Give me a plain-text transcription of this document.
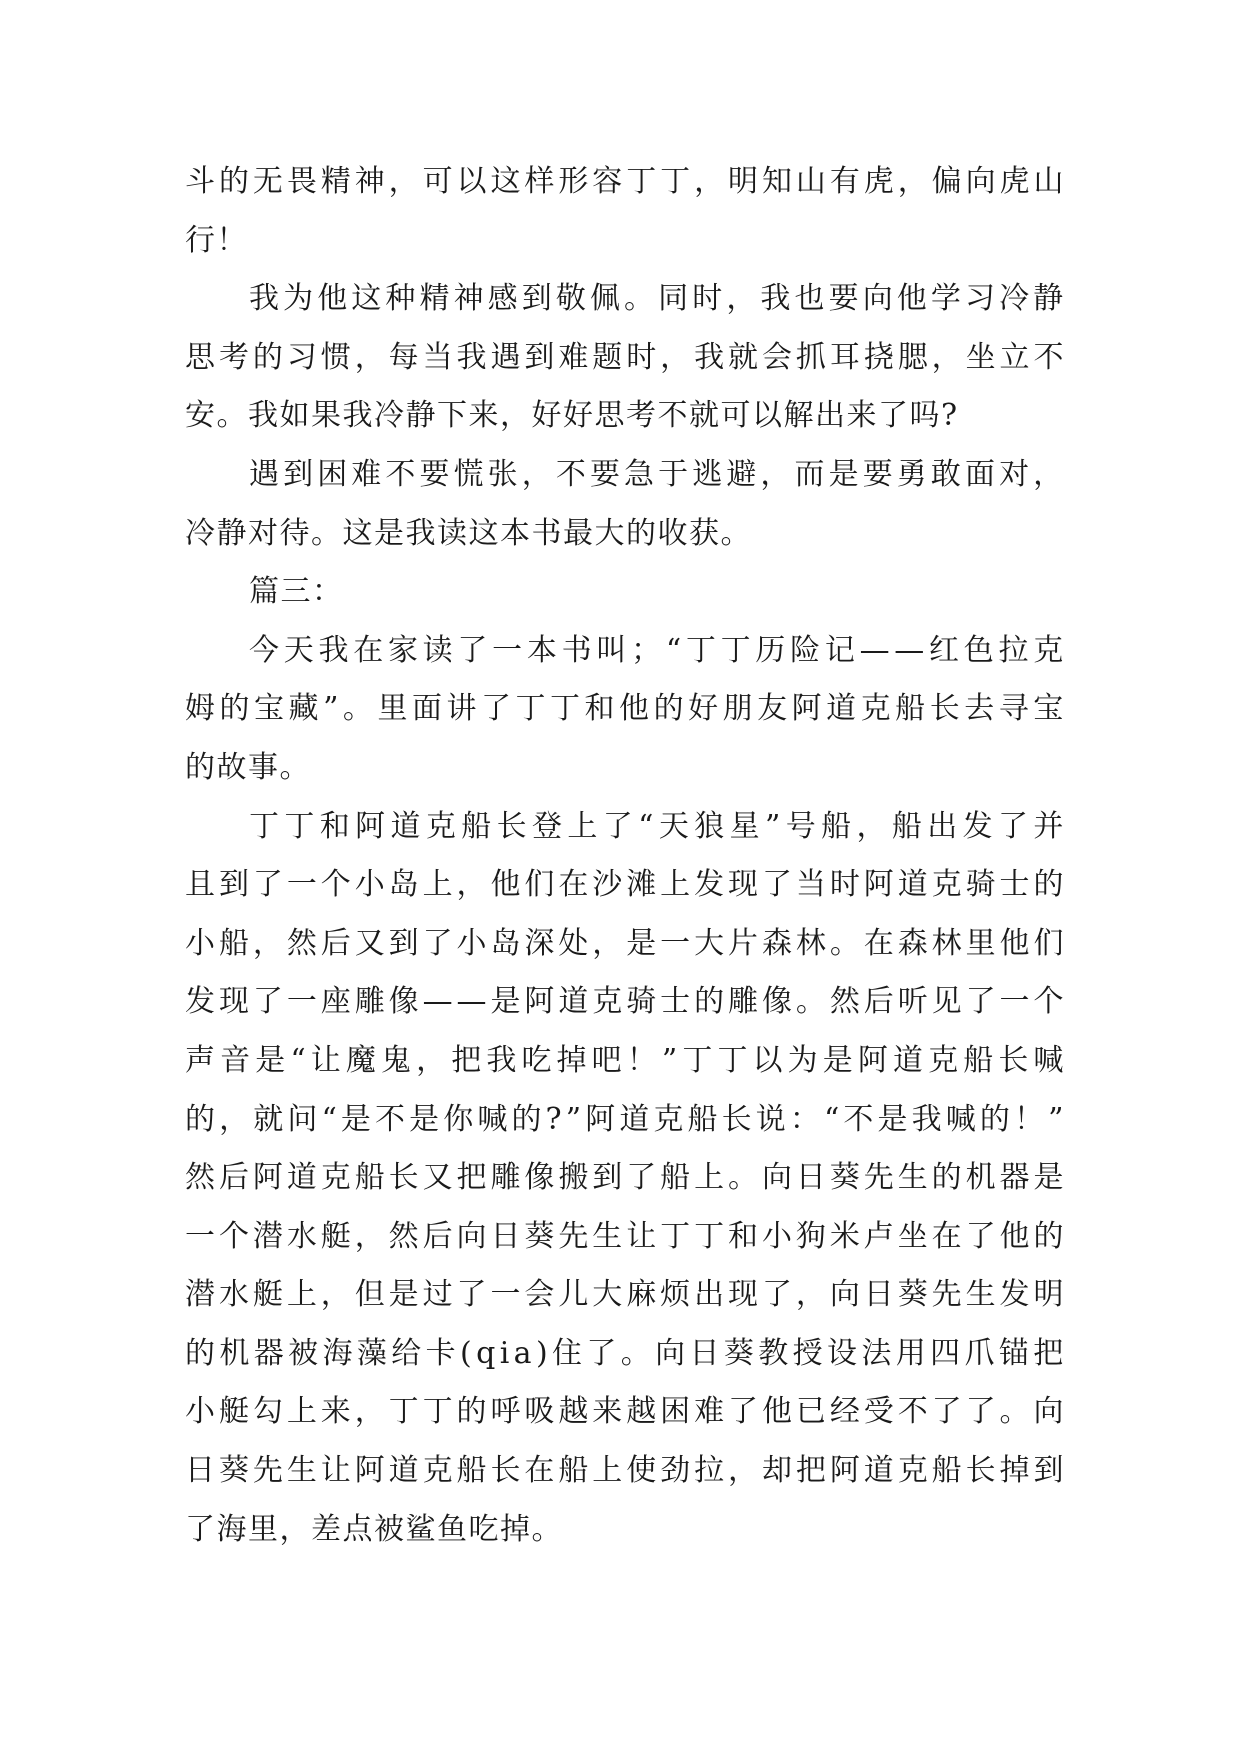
斗 的 无 畏 精 神 ， 可 以 这 样 形 容 丁 丁 ， 明 知 山 有 虎 ， 偏 向 虎 山
行！
我 为 他 这 种 精 神 感 到 敬 佩 。 同 时 ， 我 也 要 向 他 学 习 冷 静
思 考 的 习 惯 ， 每 当 我 遇 到 难 题 时 ， 我 就 会 抓 耳 挠 腮 ， 坐 立 不
安。我如果我冷静下来，好好思考不就可以解出来了吗?
遇 到 困 难 不 要 慌 张 ， 不 要 急 于 逃 避 ， 而 是 要 勇 敢 面 对 ，
冷静对待。这是我读这本书最大的收获。
篇三：
今 天 我 在 家 读 了 一 本 书 叫 ； “ 丁 丁 历 险 记 — — 红 色 拉 克
姆 的 宝 藏 ” 。 里 面 讲 了 丁 丁 和 他 的 好 朋 友 阿 道 克 船 长 去 寻 宝
的故事。
丁 丁 和 阿 道 克 船 长 登 上 了 “ 天 狼 星 ” 号 船 ， 船 出 发 了 并
且 到 了 一 个 小 岛 上 ， 他 们 在 沙 滩 上 发 现 了 当 时 阿 道 克 骑 士 的
小 船 ， 然 后 又 到 了 小 岛 深 处 ， 是 一 大 片 森 林 。 在 森 林 里 他 们
发 现 了 一 座 雕 像 — — 是 阿 道 克 骑 士 的 雕 像 。 然 后 听 见 了 一 个
声 音 是 “ 让 魔 鬼 ， 把 我 吃 掉 吧 ！ ” 丁 丁 以 为 是 阿 道 克 船 长 喊
的 ， 就 问 “ 是 不 是 你 喊 的 ? ” 阿 道 克 船 长 说 ： “ 不 是 我 喊 的 ！ ”
然 后 阿 道 克 船 长 又 把 雕 像 搬 到 了 船 上 。 向 日 葵 先 生 的 机 器 是
一 个 潜 水 艇 ， 然 后 向 日 葵 先 生 让 丁 丁 和 小 狗 米 卢 坐 在 了 他 的
潜 水 艇 上 ， 但 是 过 了 一 会 儿 大 麻 烦 出 现 了 ， 向 日 葵 先 生 发 明
的 机 器 被 海 藻 给 卡 ( q i a ) 住 了 。 向 日 葵 教 授 设 法 用 四 爪 锚 把
小 艇 勾 上 来 ， 丁 丁 的 呼 吸 越 来 越 困 难 了 他 已 经 受 不 了 了 。 向
日 葵 先 生 让 阿 道 克 船 长 在 船 上 使 劲 拉 ， 却 把 阿 道 克 船 长 掉 到
了海里，差点被鲨鱼吃掉。
